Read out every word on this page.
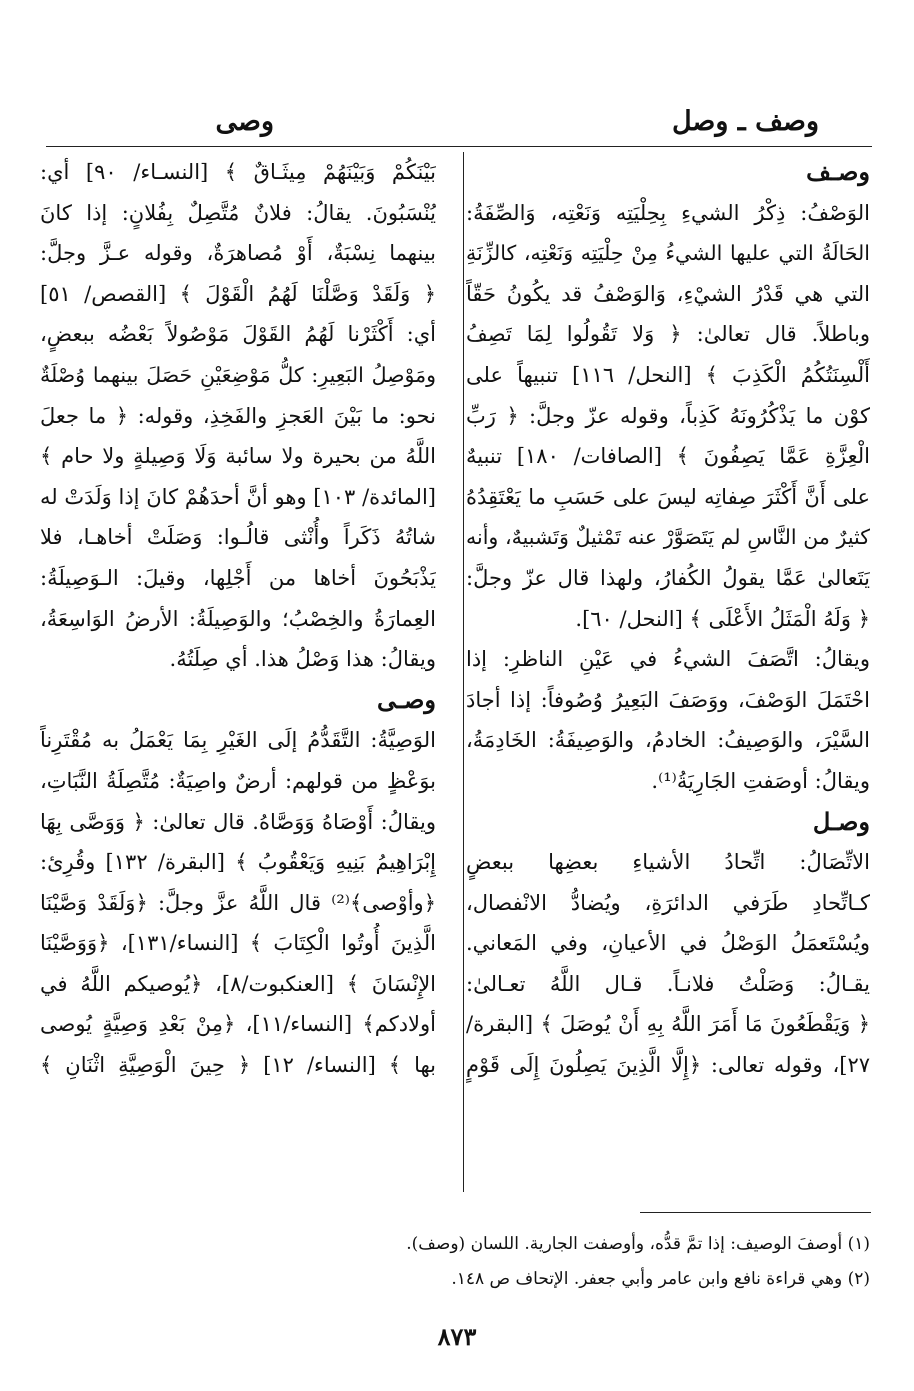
وصف ـ وصل
وصى
وصـف
الوَصْفُ: ذِكْرُ الشيءِ بِحِلْيَتِه وَنَعْتِه، وَالصِّفَةُ:
الحَالَةُ التي عليها الشيءُ مِنْ حِلْيَتِه وَنَعْتِه، كالزِّنَةِ
التي هي قَدْرُ الشيْءِ، وَالوَصْفُ قد يكُونُ حَقّاً
وباطلاً. قال تعالىٰ: ﴿ وَلا تَقُولُوا لِمَا تَصِفُ
أَلْسِنَتُكُمُ الْكَذِبَ ﴾ [النحل/ ١١٦] تنبيهاً على
كوْن ما يَذْكُرُونَهُ كَذِباً، وقوله عزّ وجلَّ: ﴿ رَبِّ
الْعِزَّةِ عَمَّا يَصِفُونَ ﴾ [الصافات/ ١٨٠] تنبيهٌ
على أَنَّ أَكْثَرَ صِفاتِه ليسَ على حَسَبِ ما يَعْتَقِدُهُ
كثيرٌ من النَّاسِ لم يَتَصَوَّرْ عنه تَمْثيلٌ وَتَشبيهٌ، وأنه
يَتَعالىٰ عَمَّا يقولُ الكُفارُ، ولهذا قال عزّ وجلَّ:
﴿ وَلَهُ الْمَثَلُ الأَعْلَى ﴾ [النحل/ ٦٠].
ويقالُ: اتَّصَفَ الشيءُ في عَيْنِ الناظرِ: إذا
احْتَمَلَ الوَصْفَ، ووَصَفَ البَعِيرُ وُصُوفاً: إذا أجادَ
السَّيْرَ، والوَصِيفُ: الخادمُ، والوَصِيفَةُ: الخَادِمَةُ،
ويقالُ: أوصَفتِ الجَارِيَةُ⁽¹⁾.
وصـل
الاتِّصَالُ: اتِّحادُ الأشياءِ بعضِها ببعضٍ
كـاتِّحادِ طَرَفي الدائرَةِ، ويُضادُّ الانْفصال،
ويُسْتَعمَلُ الوَصْلُ في الأعيانِ، وفي المَعاني.
يقـالُ: وَصَلْتُ فلانـاً. قـال اللَّهُ تعـالىٰ:
﴿ وَيَقْطَعُونَ مَا أَمَرَ اللَّهُ بِهِ أَنْ يُوصَلَ ﴾ [البقرة/
٢٧]، وقوله تعالى: ﴿إِلَّا الَّذِينَ يَصِلُونَ إِلَى قَوْمٍ
بَيْنَكُمْ وَبَيْنَهُمْ مِيثَـاقٌ ﴾ [النسـاء/ ٩٠] أي:
يُنْسَبُونَ. يقالُ: فلانٌ مُتَّصِلٌ بِفُلانٍ: إذا كانَ
بينهما نِسْبَةٌ، أَوْ مُصاهرَةٌ، وقوله عـزَّ وجلَّ:
﴿ وَلَقَدْ وَصَّلْنَا لَهُمُ الْقَوْلَ ﴾ [القصص/ ٥١]
أي: أَكْثَرْنا لَهُمُ القَوْلَ مَوْصُولاً بَعْضُه ببعضٍ،
ومَوْصِلُ البَعِيرِ: كلُّ مَوْضِعَيْنِ حَصَلَ بينهما وُصْلَةٌ
نحو: ما بَيْنَ العَجزِ والفَخِذِ، وقوله: ﴿ ما جعلَ
اللَّهُ من بحيرة ولا سائبة وَلَا وَصِيلةٍ ولا حام ﴾
[المائدة/ ١٠٣] وهو أنَّ أحدَهُمْ كانَ إذا وَلَدَتْ له
شاتُهُ ذَكَراً وأُنْثى قالُـوا: وَصَلَتْ أخاهـا، فلا
يَذْبَحُونَ أخاها من أَجْلِها، وقيلَ: الـوَصِيلَةُ:
العِمارَةُ والخِصْبُ؛ والوَصِيلَةُ: الأرضُ الوَاسِعَةُ،
ويقالُ: هذا وَصْلُ هذا. أي صِلَتُهُ.
وصـى
الوَصِيَّةُ: التَّقَدُّمُ إلَى الغَيْرِ بِمَا يَعْمَلُ به مُقْتَرِناً
بوَعْظٍ من قولهم: أرضٌ واصِيَةٌ: مُتَّصِلَةُ النَّبَاتِ،
ويقالُ: أَوْصَاهُ وَوَصَّاهُ. قال تعالىٰ: ﴿ وَوَصَّى بِهَا
إِبْرَاهِيمُ بَنِيهِ وَيَعْقُوبُ ﴾ [البقرة/ ١٣٢] وقُرِئ:
﴿وأوْصى﴾⁽²⁾ قال اللَّهُ عزَّ وجلَّ: ﴿وَلَقَدْ وَصَّيْنَا
الَّذِينَ أُوتُوا الْكِتَابَ ﴾ [النساء/١٣١]، ﴿وَوَصَّيْنَا
الإِنْسَانَ ﴾ [العنكبوت/٨]، ﴿يُوصيكم اللَّهُ في
أولادكم﴾ [النساء/١١]، ﴿مِنْ بَعْدِ وَصِيَّةٍ يُوصى
بها ﴾ [النساء/ ١٢] ﴿ حِينَ الْوَصِيَّةِ اثْنَانِ ﴾
(١) أوصفَ الوصيف: إذا تمَّ قدُّه، وأوصفت الجارية. اللسان (وصف).
(٢) وهي قراءة نافع وابن عامر وأبي جعفر. الإتحاف ص ١٤٨.
٨٧٣
